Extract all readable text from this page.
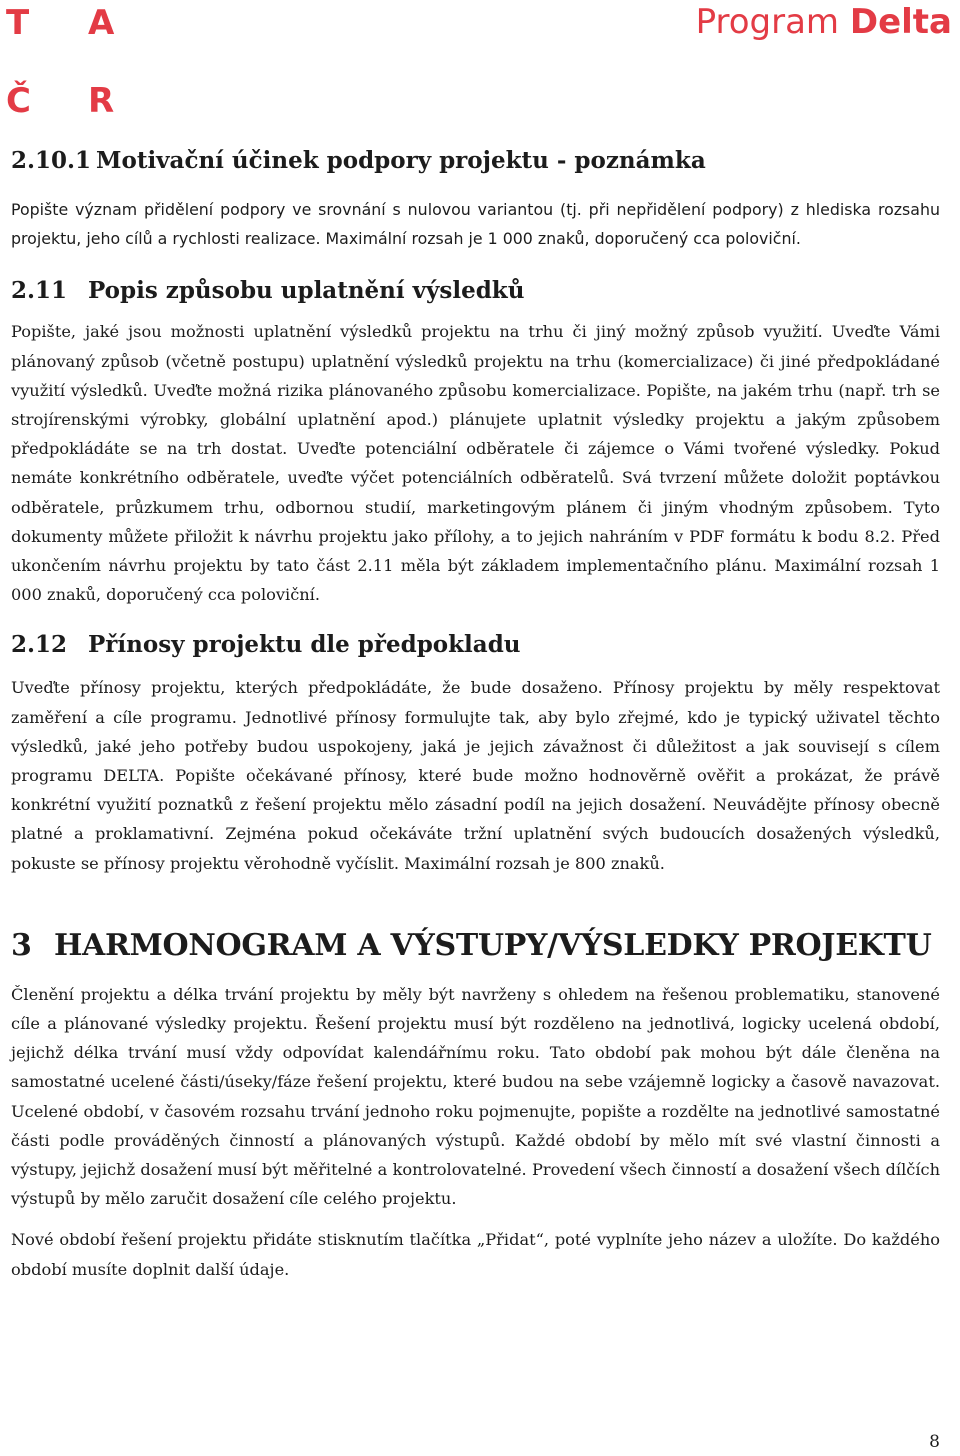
T A
Č R
Program Delta
2.10.1 Motivační účinek podpory projektu - poznámka

Popište význam přidělení podpory ve srovnání s nulovou variantou (tj. při nepřidělení podpory) z hlediska rozsahu projektu, jeho cílů a rychlosti realizace. Maximální rozsah je 1 000 znaků, doporučený cca poloviční.

2.11 Popis způsobu uplatnění výsledků

Popište, jaké jsou možnosti uplatnění výsledků projektu na trhu či jiný možný způsob využití. Uveďte Vámi plánovaný způsob (včetně postupu) uplatnění výsledků projektu na trhu (komercializace) či jiné předpokládané využití výsledků. Uveďte možná rizika plánovaného způsobu komercializace. Popište, na jakém trhu (např. trh se strojírenskými výrobky, globální uplatnění apod.) plánujete uplatnit výsledky projektu a jakým způsobem předpokládáte se na trh dostat. Uveďte potenciální odběratele či zájemce o Vámi tvořené výsledky. Pokud nemáte konkrétního odběratele, uveďte výčet potenciálních odběratelů. Svá tvrzení můžete doložit poptávkou odběratele, průzkumem trhu, odbornou studií, marketingovým plánem či jiným vhodným způsobem. Tyto dokumenty můžete přiložit k návrhu projektu jako přílohy, a to jejich nahráním v PDF formátu k bodu 8.2. Před ukončením návrhu projektu by tato část 2.11 měla být základem implementačního plánu. Maximální rozsah 1 000 znaků, doporučený cca poloviční.

2.12 Přínosy projektu dle předpokladu

Uveďte přínosy projektu, kterých předpokládáte, že bude dosaženo. Přínosy projektu by měly respektovat zaměření a cíle programu. Jednotlivé přínosy formulujte tak, aby bylo zřejmé, kdo je typický uživatel těchto výsledků, jaké jeho potřeby budou uspokojeny, jaká je jejich závažnost či důležitost a jak souvisejí s cílem programu DELTA. Popište očekávané přínosy, které bude možno hodnověrně ověřit a prokázat, že právě konkrétní využití poznatků z řešení projektu mělo zásadní podíl na jejich dosažení. Neuvádějte přínosy obecně platné a proklamativní. Zejména pokud očekáváte tržní uplatnění svých budoucích dosažených výsledků, pokuste se přínosy projektu věrohodně vyčíslit. Maximální rozsah je 800 znaků.

3 HARMONOGRAM A VÝSTUPY/VÝSLEDKY PROJEKTU

Členění projektu a délka trvání projektu by měly být navrženy s ohledem na řešenou problematiku, stanovené cíle a plánované výsledky projektu. Řešení projektu musí být rozděleno na jednotlivá, logicky ucelená období, jejichž délka trvání musí vždy odpovídat kalendářnímu roku. Tato období pak mohou být dále členěna na samostatné ucelené části/úseky/fáze řešení projektu, které budou na sebe vzájemně logicky a časově navazovat. Ucelené období, v časovém rozsahu trvání jednoho roku pojmenujte, popište a rozdělte na jednotlivé samostatné části podle prováděných činností a plánovaných výstupů. Každé období by mělo mít své vlastní činnosti a výstupy, jejichž dosažení musí být měřitelné a kontrolovatelné. Provedení všech činností a dosažení všech dílčích výstupů by mělo zaručit dosažení cíle celého projektu.

Nové období řešení projektu přidáte stisknutím tlačítka „Přidat“, poté vyplníte jeho název a uložíte. Do každého období musíte doplnit další údaje.

8
